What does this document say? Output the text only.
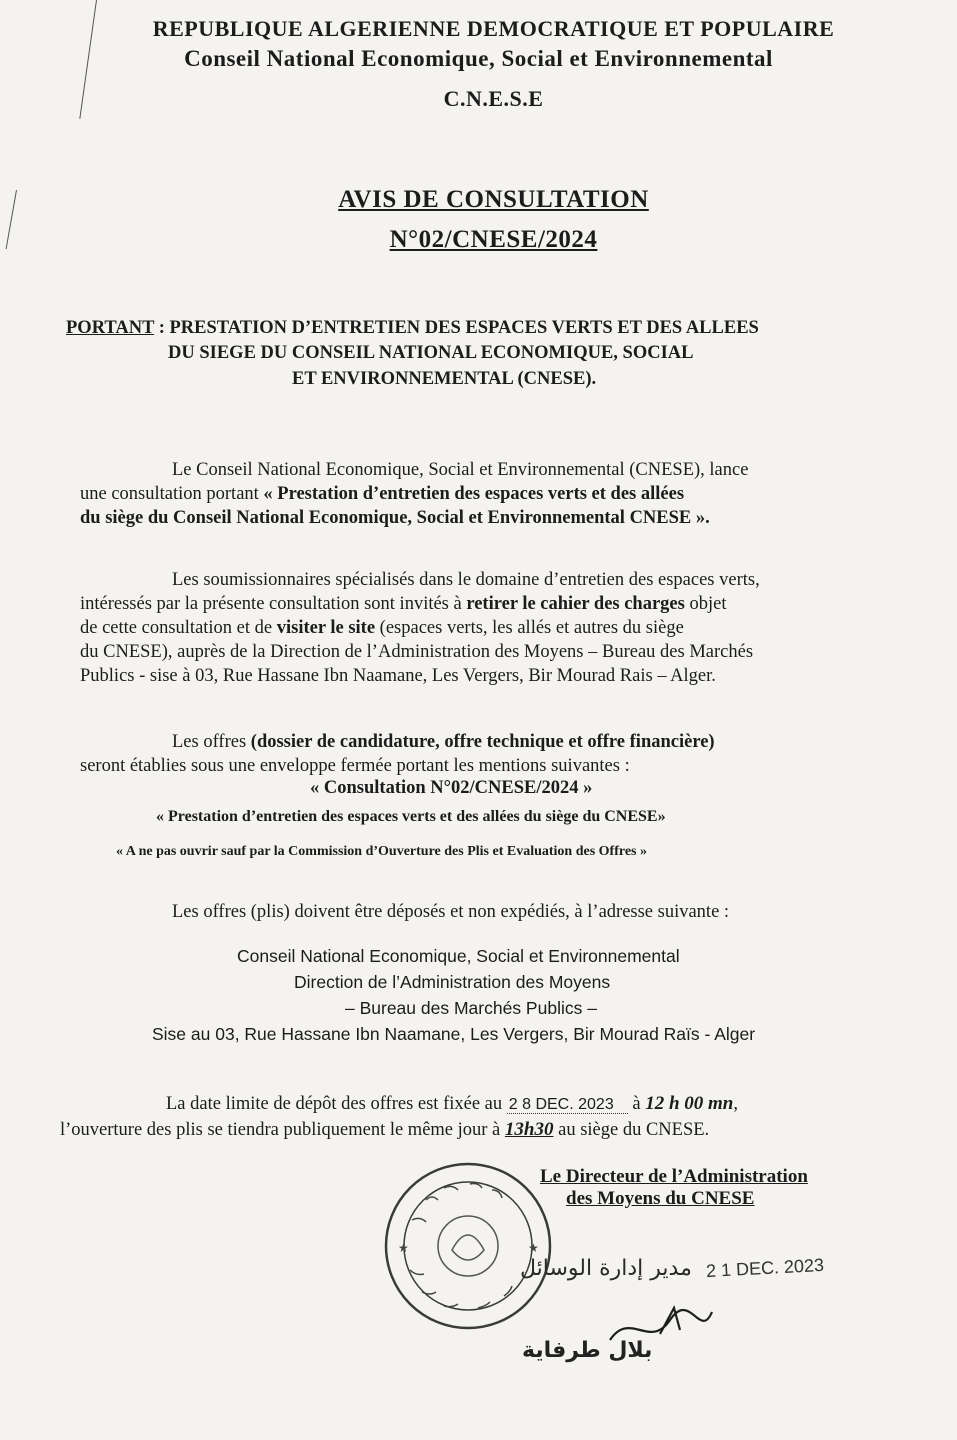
REPUBLIQUE ALGERIENNE DEMOCRATIQUE ET POPULAIRE
Conseil National Economique, Social et Environnemental
C.N.E.S.E
AVIS DE CONSULTATION
N°02/CNESE/2024
PORTANT : PRESTATION D’ENTRETIEN DES ESPACES VERTS ET DES ALLEES
DU SIEGE DU CONSEIL NATIONAL ECONOMIQUE, SOCIAL
ET ENVIRONNEMENTAL (CNESE).
Le Conseil National Economique, Social et Environnemental (CNESE), lance
une consultation portant « Prestation d’entretien des espaces verts et des allées
du siège du Conseil National Economique, Social et Environnemental CNESE ».
Les soumissionnaires spécialisés dans le domaine d’entretien des espaces verts,
intéressés par la présente consultation sont invités à retirer le cahier des charges objet
de cette consultation et de visiter le site (espaces verts, les allés et autres du siège
du CNESE), auprès de la Direction de l’Administration des Moyens – Bureau des Marchés
Publics - sise à 03, Rue Hassane Ibn Naamane, Les Vergers, Bir Mourad Rais – Alger.
Les offres (dossier de candidature, offre technique et offre financière)
seront établies sous une enveloppe fermée portant les mentions suivantes :
« Consultation N°02/CNESE/2024 »
« Prestation d’entretien des espaces verts et des allées du siège du CNESE»
« A ne pas ouvrir sauf par la Commission d’Ouverture des Plis et Evaluation des Offres »
Les offres (plis) doivent être déposés et non expédiés, à l’adresse suivante :
Conseil National Economique, Social et Environnemental
Direction de l’Administration des Moyens
– Bureau des Marchés Publics –
Sise au 03, Rue Hassane Ibn Naamane, Les Vergers, Bir Mourad Raïs - Alger
La date limite de dépôt des offres est fixée au 2 8 DEC. 2023 à 12 h 00 mn,
l’ouverture des plis se tiendra publiquement le même jour à 13h30 au siège du CNESE.
Le Directeur de l’Administration
des Moyens du CNESE
★	★
مدير إدارة الوسائل 2 1 DEC. 2023
بلال طرفاية
